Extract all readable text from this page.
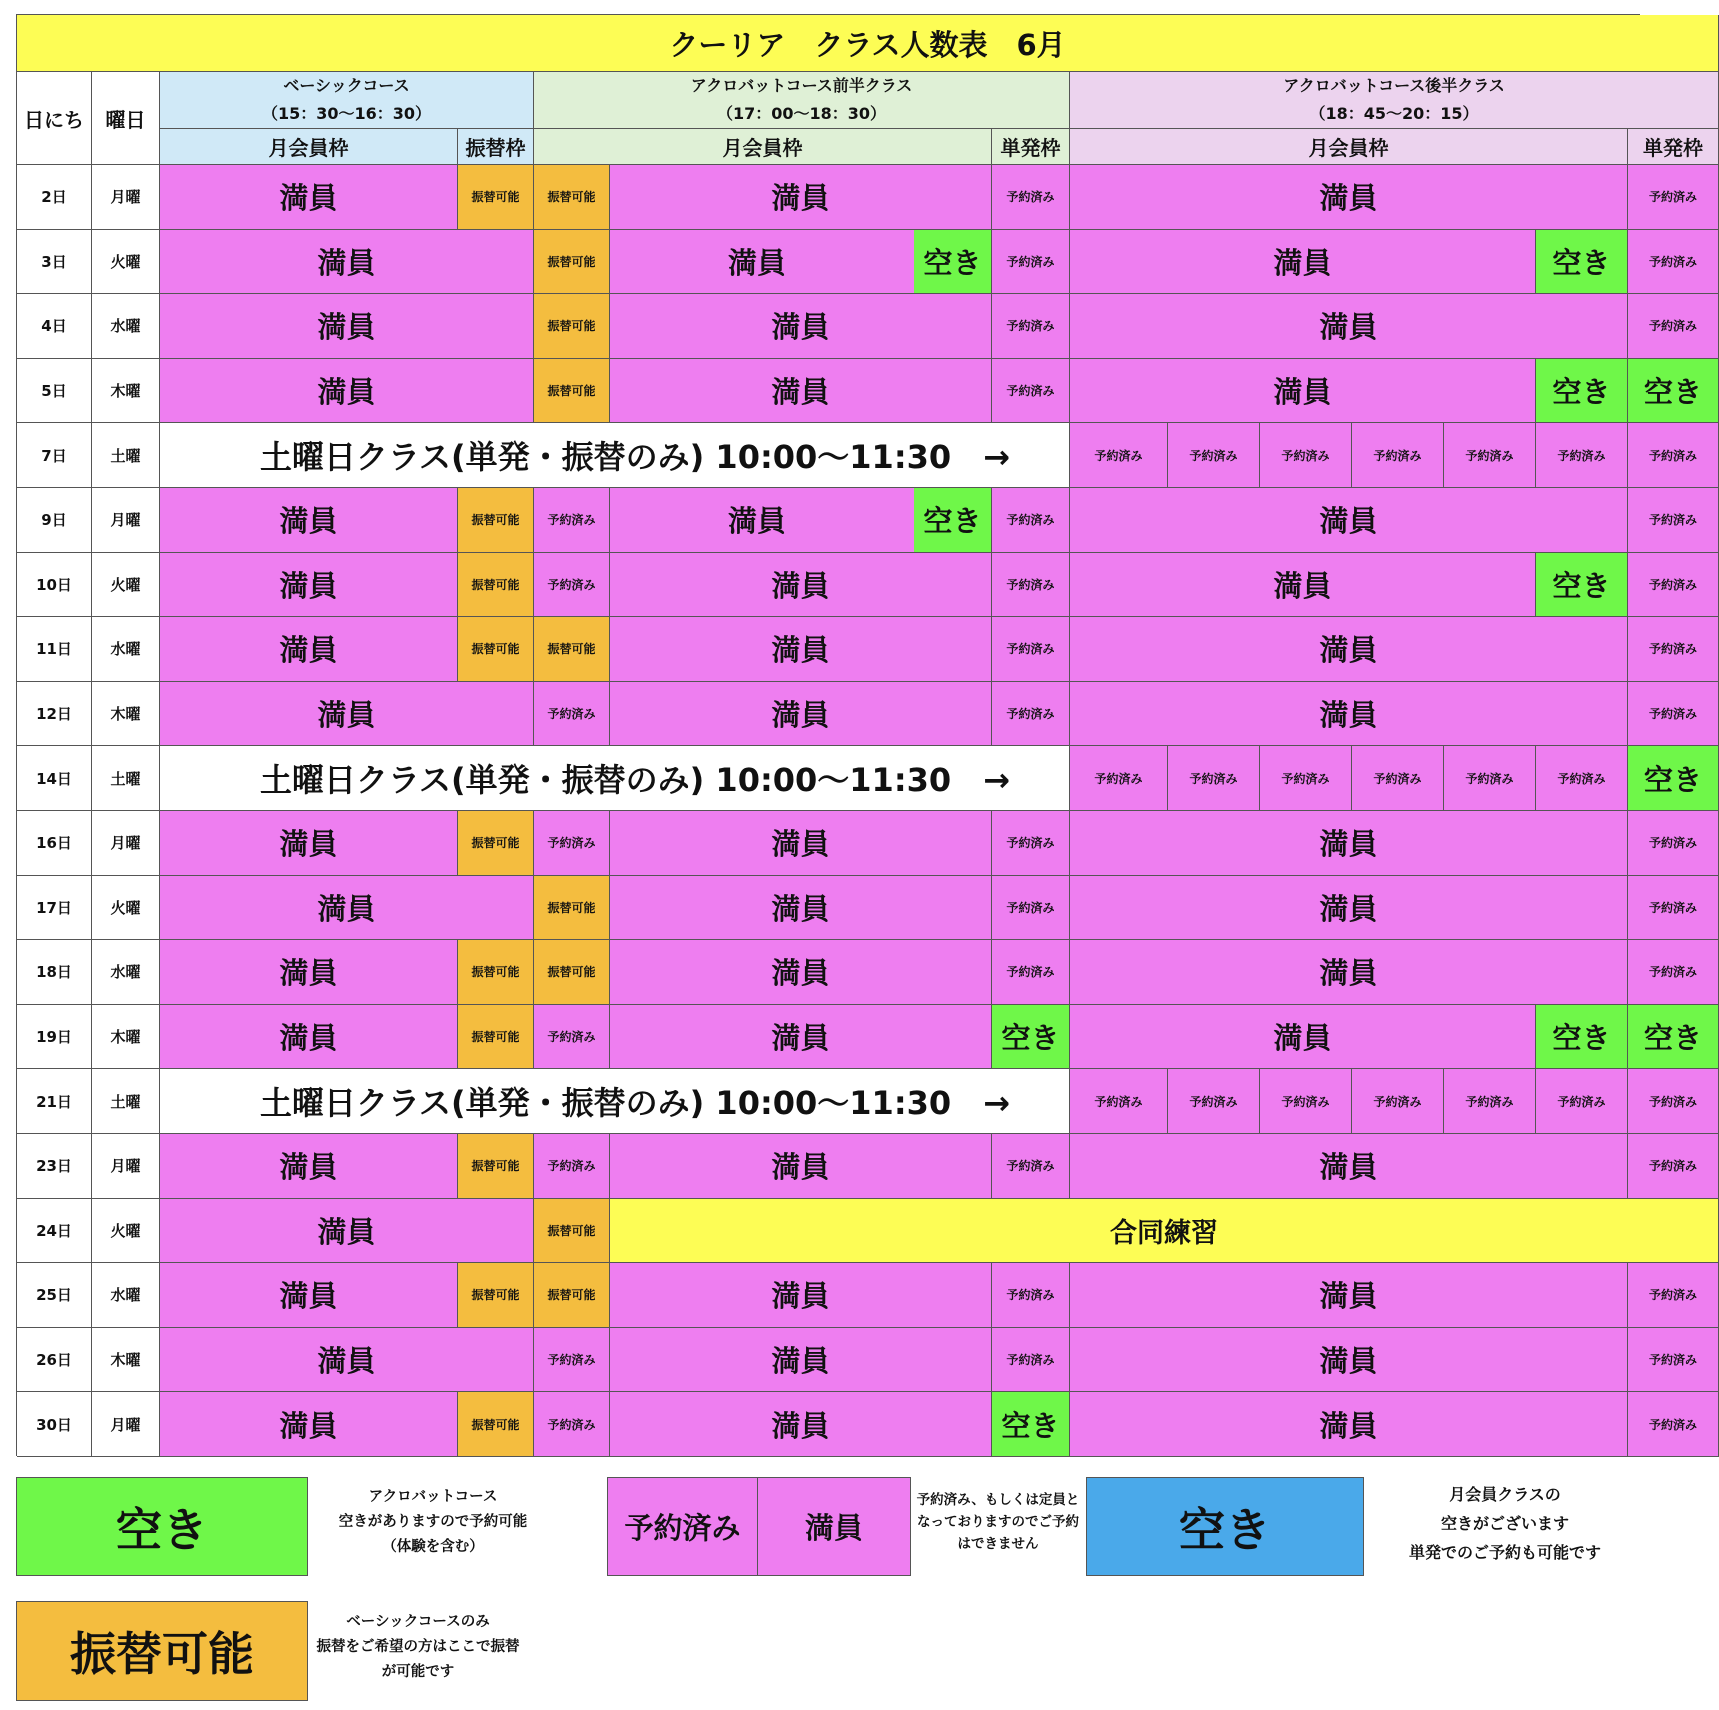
クーリア　クラス人数表　6月
日にち	曜日
ベーシックコース
（15：30〜16：30）
アクロバットコース前半クラス
（17：00〜18：30）
アクロバットコース後半クラス
（18：45〜20：15）
月会員枠	振替枠	月会員枠	単発枠	月会員枠	単発枠
2日	月曜	満員	振替可能	振替可能	満員	予約済み	満員	予約済み
3日	火曜	満員	振替可能	満員	空き	予約済み	満員	空き	予約済み
4日	水曜	満員	振替可能	満員	予約済み	満員	予約済み
5日	木曜	満員	振替可能	満員	予約済み	満員	空き	空き
7日	土曜	土曜日クラス(単発・振替のみ) 10:00〜11:30　→	予約済み	予約済み	予約済み	予約済み	予約済み	予約済み	予約済み
9日	月曜	満員	振替可能	予約済み	満員	空き	予約済み	満員	予約済み
10日	火曜	満員	振替可能	予約済み	満員	予約済み	満員	空き	予約済み
11日	水曜	満員	振替可能	振替可能	満員	予約済み	満員	予約済み
12日	木曜	満員	予約済み	満員	予約済み	満員	予約済み
14日	土曜	土曜日クラス(単発・振替のみ) 10:00〜11:30　→	予約済み	予約済み	予約済み	予約済み	予約済み	予約済み	空き
16日	月曜	満員	振替可能	予約済み	満員	予約済み	満員	予約済み
17日	火曜	満員	振替可能	満員	予約済み	満員	予約済み
18日	水曜	満員	振替可能	振替可能	満員	予約済み	満員	予約済み
19日	木曜	満員	振替可能	予約済み	満員	空き	満員	空き	空き
21日	土曜	土曜日クラス(単発・振替のみ) 10:00〜11:30　→	予約済み	予約済み	予約済み	予約済み	予約済み	予約済み	予約済み
23日	月曜	満員	振替可能	予約済み	満員	予約済み	満員	予約済み
24日	火曜	満員	振替可能	合同練習
25日	水曜	満員	振替可能	振替可能	満員	予約済み	満員	予約済み
26日	木曜	満員	予約済み	満員	予約済み	満員	予約済み
30日	月曜	満員	振替可能	予約済み	満員	空き	満員	予約済み
空き
アクロバットコース
空きがありますので予約可能
（体験を含む）
予約済み	満員
予約済み、もしくは定員と
なっておりますのでご予約
はできません	空き
月会員クラスの
空きがございます
単発でのご予約も可能です
振替可能
ベーシックコースのみ
振替をご希望の方はここで振替
が可能です
